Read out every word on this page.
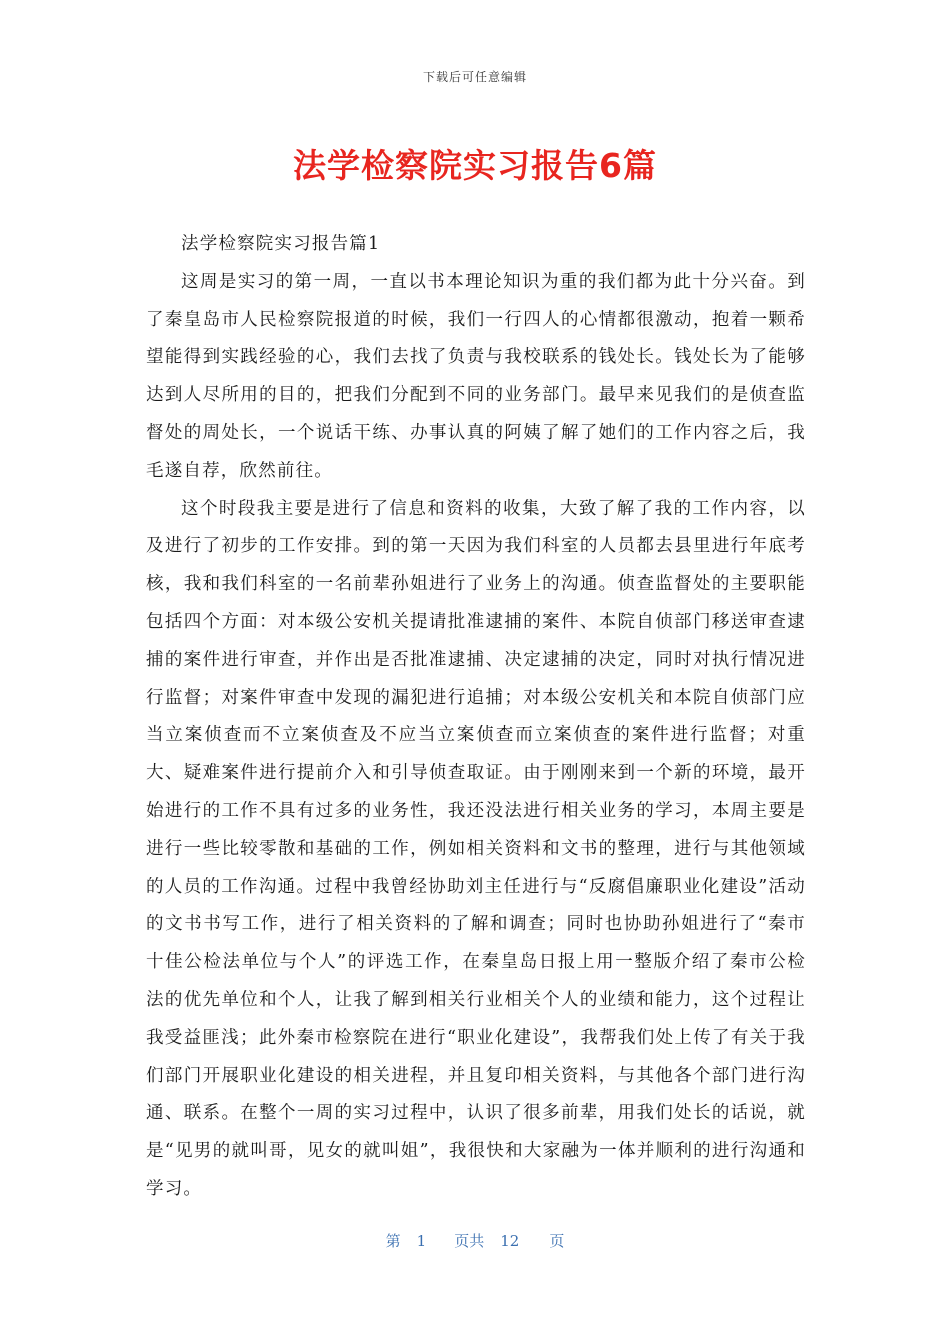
下载后可任意编辑
法学检察院实习报告6篇

法学检察院实习报告篇1

这周是实习的第一周，一直以书本理论知识为重的我们都为此十分兴奋。到了秦皇岛市人民检察院报道的时候，我们一行四人的心情都很激动，抱着一颗希望能得到实践经验的心，我们去找了负责与我校联系的钱处长。钱处长为了能够达到人尽所用的目的，把我们分配到不同的业务部门。最早来见我们的是侦查监督处的周处长，一个说话干练、办事认真的阿姨了解了她们的工作内容之后，我毛遂自荐，欣然前往。

这个时段我主要是进行了信息和资料的收集，大致了解了我的工作内容，以及进行了初步的工作安排。到的第一天因为我们科室的人员都去县里进行年底考核，我和我们科室的一名前辈孙姐进行了业务上的沟通。侦查监督处的主要职能包括四个方面：对本级公安机关提请批准逮捕的案件、本院自侦部门移送审查逮捕的案件进行审查，并作出是否批准逮捕、决定逮捕的决定，同时对执行情况进行监督；对案件审查中发现的漏犯进行追捕；对本级公安机关和本院自侦部门应当立案侦查而不立案侦查及不应当立案侦查而立案侦查的案件进行监督；对重大、疑难案件进行提前介入和引导侦查取证。由于刚刚来到一个新的环境，最开始进行的工作不具有过多的业务性，我还没法进行相关业务的学习，本周主要是进行一些比较零散和基础的工作，例如相关资料和文书的整理，进行与其他领域的人员的工作沟通。过程中我曾经协助刘主任进行与“反腐倡廉职业化建设”活动的文书书写工作，进行了相关资料的了解和调查；同时也协助孙姐进行了“秦市十佳公检法单位与个人”的评选工作，在秦皇岛日报上用一整版介绍了秦市公检法的优先单位和个人，让我了解到相关行业相关个人的业绩和能力，这个过程让我受益匪浅；此外秦市检察院在进行“职业化建设”，我帮我们处上传了有关于我们部门开展职业化建设的相关进程，并且复印相关资料，与其他各个部门进行沟通、联系。在整个一周的实习过程中，认识了很多前辈，用我们处长的话说，就是“见男的就叫哥，见女的就叫姐”，我很快和大家融为一体并顺利的进行沟通和学习。

第 1 页共 12 页
